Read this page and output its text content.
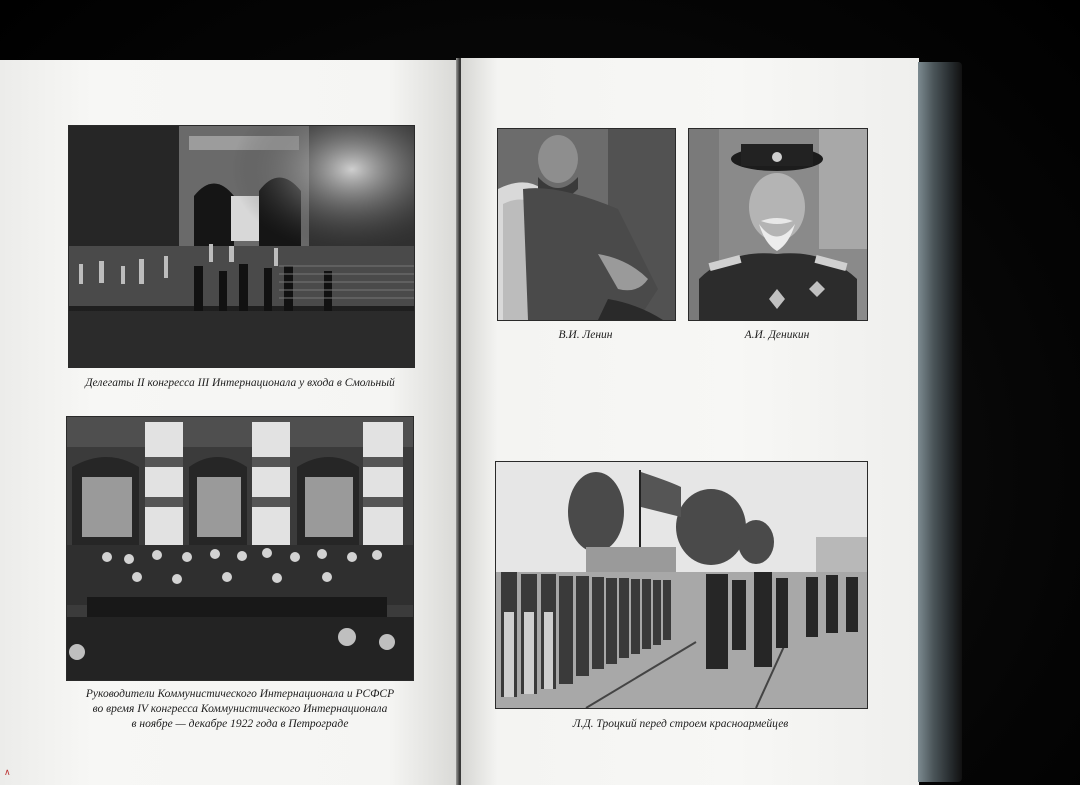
Делегаты II конгресса III Интернационала у входа в Смольный
Руководители Коммунистического Интернационала и РСФСР
во время IV конгресса Коммунистического Интернационала
в ноябре — декабре 1922 года в Петрограде
В.И. Ленин	А.И. Деникин
Л.Д. Троцкий перед строем красноармейцев
∧
